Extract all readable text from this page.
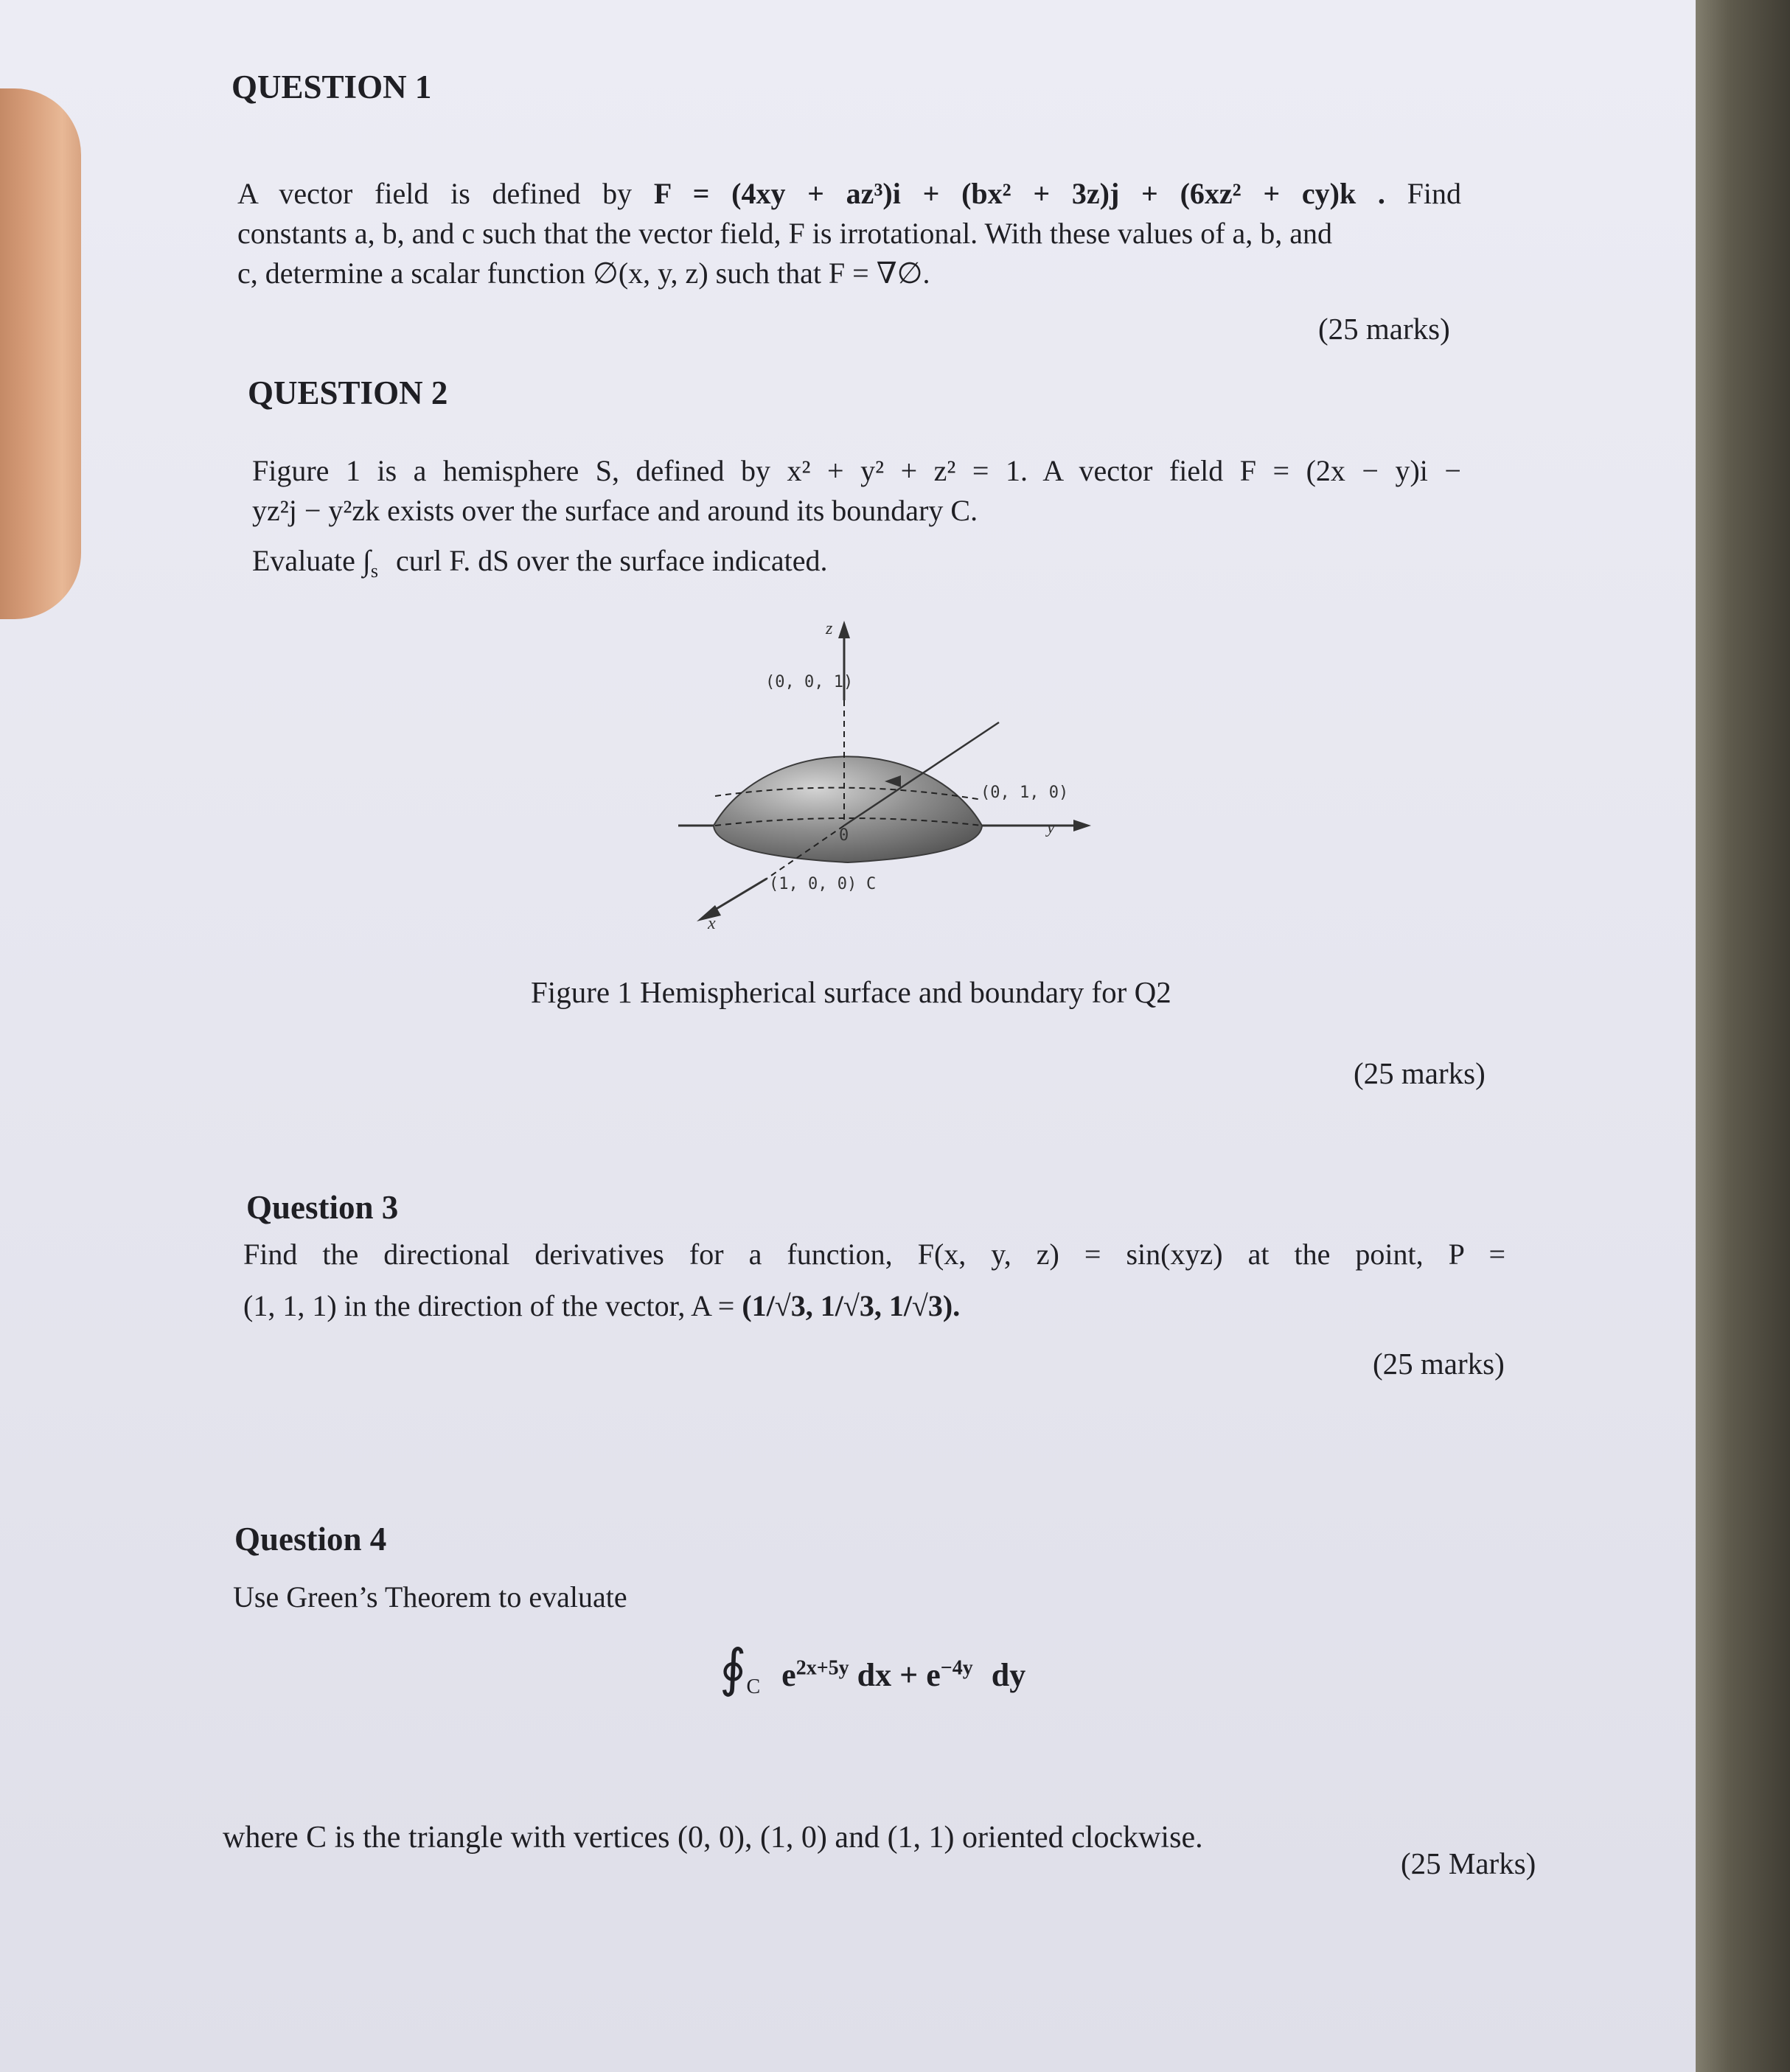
QUESTION 1
A vector field is defined by F = (4xy + az³)i + (bx² + 3z)j + (6xz² + cy)k . Find
constants a, b, and c such that the vector field, F is irrotational. With these values of a, b, and
c, determine a scalar function ∅(x, y, z) such that F = ∇∅.
(25 marks)
QUESTION 2
Figure 1 is a hemisphere S, defined by x² + y² + z² = 1. A vector field F = (2x − y)i −
yz²j − y²zk exists over the surface and around its boundary C.
Evaluate $\int_s$ curl F. dS over the surface indicated.
z
(0, 0, 1)
(0, 1, 0)
y
0
(1, 0, 0) C
x
Figure 1 Hemispherical surface and boundary for Q2
(25 marks)
Question 3
Find the directional derivatives for a function, F(x, y, z) = sin(xyz) at the point, P =
(1, 1, 1) in the direction of the vector, A = (1/√3, 1/√3, 1/√3).
(25 marks)
Question 4
Use Green’s Theorem to evaluate
$∮_C$ $e^{2x+5y}$ dx + $e^{-4y}$ dy
where C is the triangle with vertices (0, 0), (1, 0) and (1, 1) oriented clockwise.
(25 Marks)
